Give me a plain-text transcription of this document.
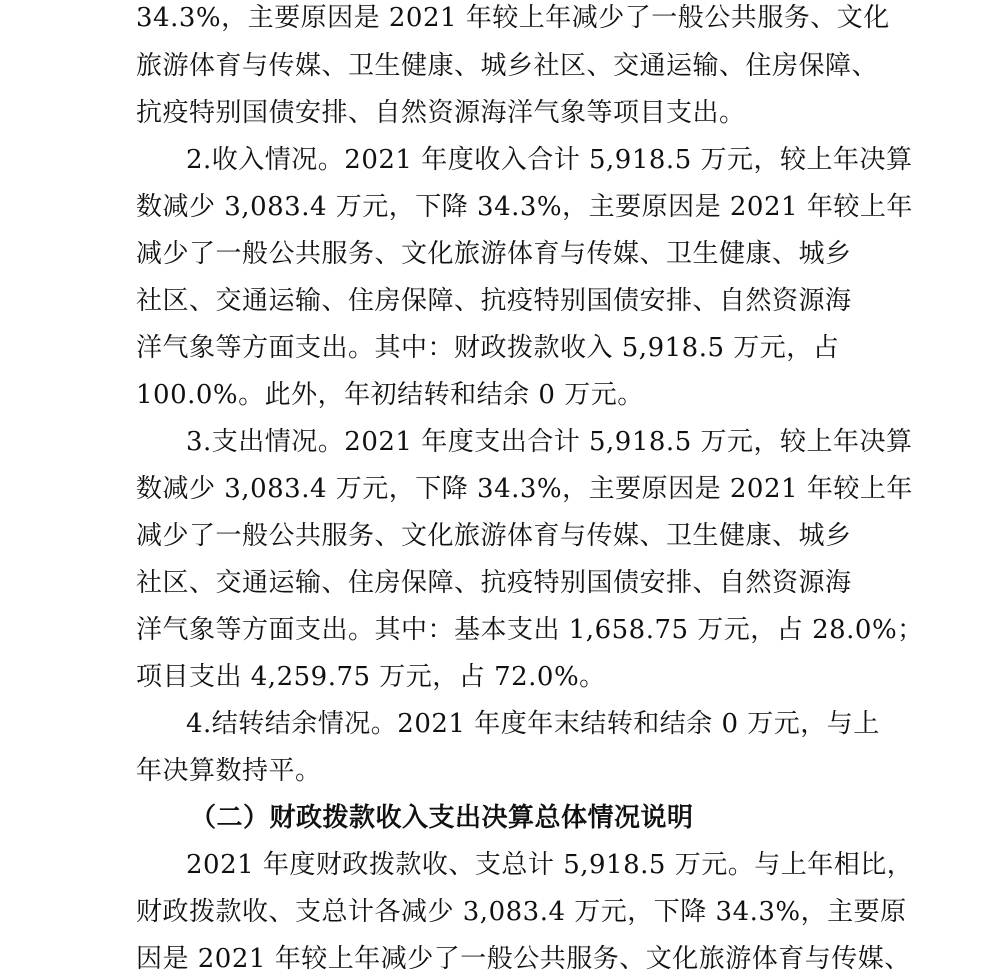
34.3%，主要原因是 2021 年较上年减少了一般公共服务、文化
旅游体育与传媒、卫生健康、城乡社区、交通运输、住房保障、
抗疫特别国债安排、自然资源海洋气象等项目支出。
2.收入情况。2021 年度收入合计 5,918.5 万元，较上年决算
数减少 3,083.4 万元，下降 34.3%，主要原因是 2021 年较上年
减少了一般公共服务、文化旅游体育与传媒、卫生健康、城乡
社区、交通运输、住房保障、抗疫特别国债安排、自然资源海
洋气象等方面支出。其中：财政拨款收入 5,918.5 万元，占
100.0%。此外，年初结转和结余 0 万元。
3.支出情况。2021 年度支出合计 5,918.5 万元，较上年决算
数减少 3,083.4 万元，下降 34.3%，主要原因是 2021 年较上年
减少了一般公共服务、文化旅游体育与传媒、卫生健康、城乡
社区、交通运输、住房保障、抗疫特别国债安排、自然资源海
洋气象等方面支出。其中：基本支出 1,658.75 万元，占 28.0%；
项目支出 4,259.75 万元，占 72.0%。
4.结转结余情况。2021 年度年末结转和结余 0 万元，与上
年决算数持平。
（二）财政拨款收入支出决算总体情况说明
2021 年度财政拨款收、支总计 5,918.5 万元。与上年相比，
财政拨款收、支总计各减少 3,083.4 万元，下降 34.3%，主要原
因是 2021 年较上年减少了一般公共服务、文化旅游体育与传媒、
